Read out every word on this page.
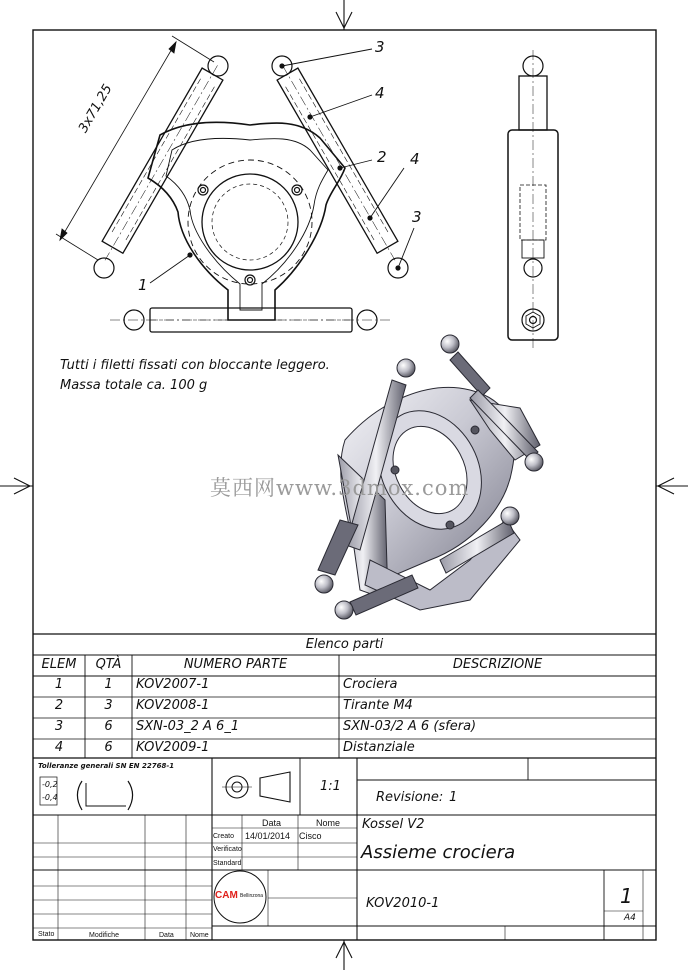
3x71,25
1
3
4
2 4
3
Tutti i filetti fissati con bloccante leggero.
Massa totale ca. 100 g
莫西网www.3dmox.com
Elenco parti
ELEM	QTÀ	NUMERO PARTE	DESCRIZIONE
1	1	KOV2007-1	Crociera
2	3	KOV2008-1	Tirante M4
3	6	SXN-03_2 A 6_1	SXN-03/2 A 6 (sfera)
4	6	KOV2009-1	Distanziale
Tolleranze generali SN EN 22768-1
-0,2
-0,4
1:1
Revisione: 1
Data	Nome
Creato 14/01/2014 Cisco
Verificato
Standard
Kossel V2
Assieme crociera
KOV2010-1
CAM Bellinzona	1
A4
Stato	Modifiche	Data Nome
